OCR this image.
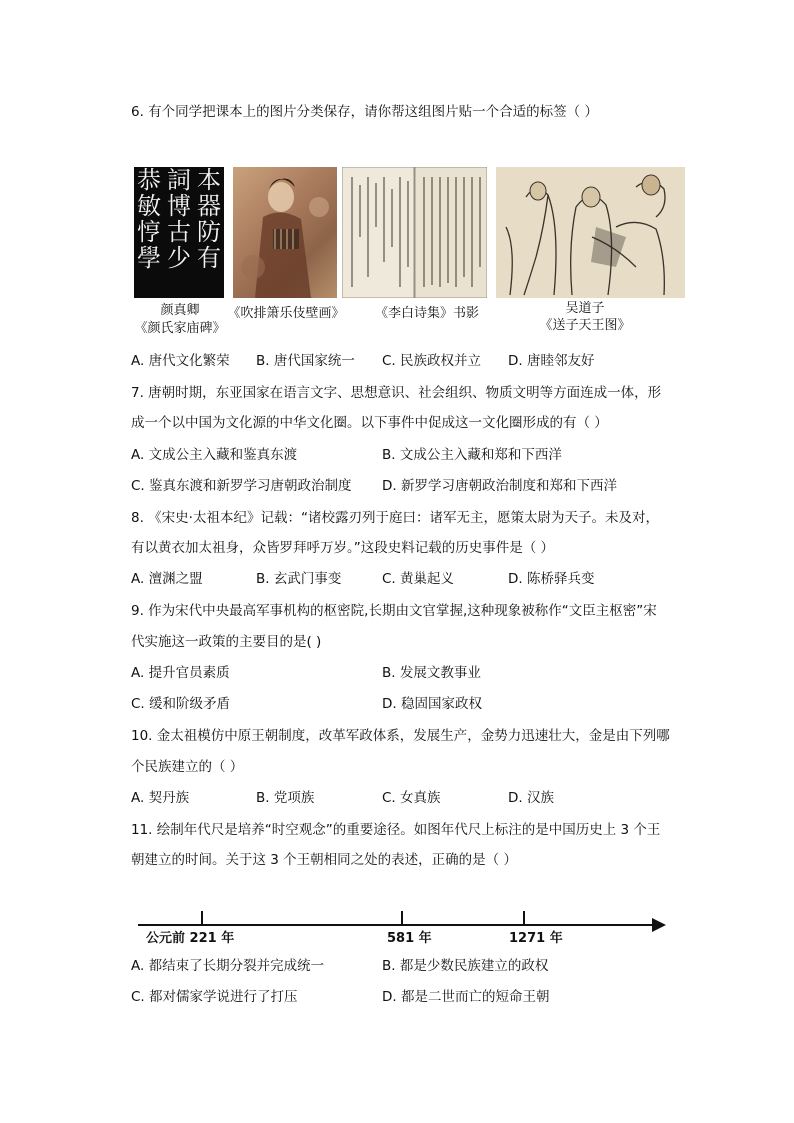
6. 有个同学把课本上的图片分类保存，请你帮这组图片贴一个合适的标签（ ）
恭
敏
悙
學
詞
博
古
少
本
器
防
有
颜真卿
《颜氏家庙碑》
《吹排箫乐伎壁画》	《李白诗集》书影	吴道子
《送子天王图》
A. 唐代文化繁荣 B. 唐代国家统一 C. 民族政权并立 D. 唐睦邻友好
7. 唐朝时期，东亚国家在语言文字、思想意识、社会组织、物质文明等方面连成一体，形
成一个以中国为文化源的中华文化圈。以下事件中促成这一文化圈形成的有（ ）
A. 文成公主入藏和鉴真东渡	B. 文成公主入藏和郑和下西洋
C. 鉴真东渡和新罗学习唐朝政治制度 D. 新罗学习唐朝政治制度和郑和下西洋
8. 《宋史·太祖本纪》记载：“诸校露刃列于庭曰：诸军无主，愿策太尉为天子。未及对，
有以黄衣加太祖身，众皆罗拜呼万岁。”这段史料记载的历史事件是（ ）
A. 澶渊之盟	B. 玄武门事变	C. 黄巢起义	D. 陈桥驿兵变
9. 作为宋代中央最高军事机构的枢密院,长期由文官掌握,这种现象被称作“文臣主枢密”宋
代实施这一政策的主要目的是( )
A. 提升官员素质	B. 发展文教事业
C. 缓和阶级矛盾	D. 稳固国家政权
10. 金太祖模仿中原王朝制度，改革军政体系，发展生产，金势力迅速壮大，金是由下列哪
个民族建立的（ ）
A. 契丹族	B. 党项族	C. 女真族	D. 汉族
11. 绘制年代尺是培养“时空观念”的重要途径。如图年代尺上标注的是中国历史上 3 个王
朝建立的时间。关于这 3 个王朝相同之处的表述，正确的是（ ）
公元前 221 年	581 年	1271 年
A. 都结束了长期分裂并完成统一	B. 都是少数民族建立的政权
C. 都对儒家学说进行了打压	D. 都是二世而亡的短命王朝
